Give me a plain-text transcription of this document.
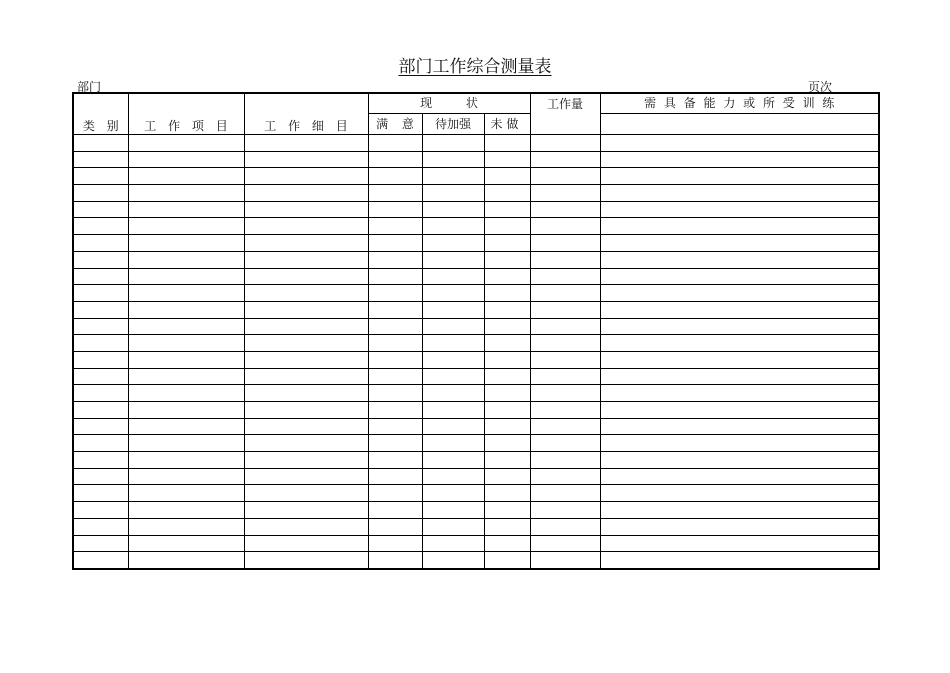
部门工作综合测量表
部门	页次
类 别	工 作 项 目	工 作 细 目	现 状			工作量	需 具 备 能 力 或 所 受 训 练
			满 意	待加强	未 做		
